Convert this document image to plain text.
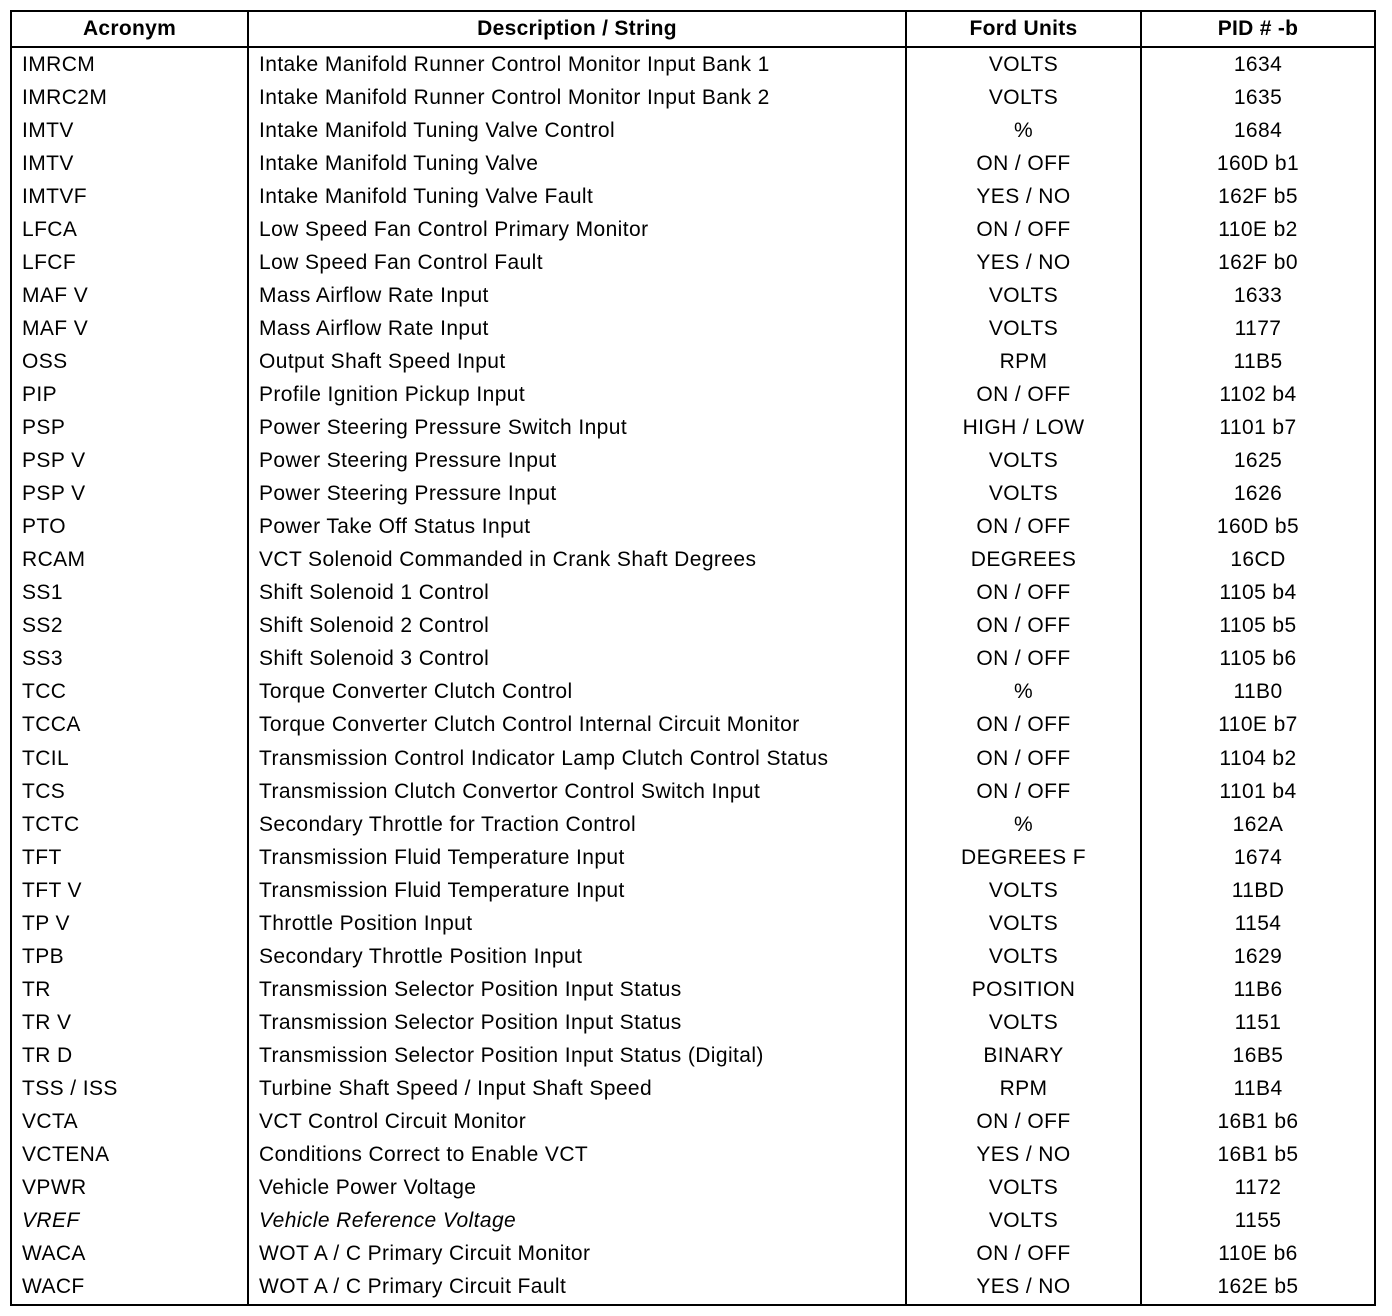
Acronym	Description / String	Ford Units	PID # -b
IMRCM	Intake Manifold Runner Control Monitor Input Bank 1	VOLTS	1634
IMRC2M	Intake Manifold Runner Control Monitor Input Bank 2	VOLTS	1635
IMTV	Intake Manifold Tuning Valve Control	%	1684
IMTV	Intake Manifold Tuning Valve	ON / OFF	160D b1
IMTVF	Intake Manifold Tuning Valve Fault	YES / NO	162F b5
LFCA	Low Speed Fan Control Primary Monitor	ON / OFF	110E b2
LFCF	Low Speed Fan Control Fault	YES / NO	162F b0
MAF V	Mass Airflow Rate Input	VOLTS	1633
MAF V	Mass Airflow Rate Input	VOLTS	1177
OSS	Output Shaft Speed Input	RPM	11B5
PIP	Profile Ignition Pickup Input	ON / OFF	1102 b4
PSP	Power Steering Pressure Switch Input	HIGH / LOW	1101 b7
PSP V	Power Steering Pressure Input	VOLTS	1625
PSP V	Power Steering Pressure Input	VOLTS	1626
PTO	Power Take Off Status Input	ON / OFF	160D b5
RCAM	VCT Solenoid Commanded in Crank Shaft Degrees	DEGREES	16CD
SS1	Shift Solenoid 1 Control	ON / OFF	1105 b4
SS2	Shift Solenoid 2 Control	ON / OFF	1105 b5
SS3	Shift Solenoid 3 Control	ON / OFF	1105 b6
TCC	Torque Converter Clutch Control	%	11B0
TCCA	Torque Converter Clutch Control Internal Circuit Monitor	ON / OFF	110E b7
TCIL	Transmission Control Indicator Lamp Clutch Control Status	ON / OFF	1104 b2
TCS	Transmission Clutch Convertor Control Switch Input	ON / OFF	1101 b4
TCTC	Secondary Throttle for Traction Control	%	162A
TFT	Transmission Fluid Temperature Input	DEGREES F	1674
TFT V	Transmission Fluid Temperature Input	VOLTS	11BD
TP V	Throttle Position Input	VOLTS	1154
TPB	Secondary Throttle Position Input	VOLTS	1629
TR	Transmission Selector Position Input Status	POSITION	11B6
TR V	Transmission Selector Position Input Status	VOLTS	1151
TR D	Transmission Selector Position Input Status (Digital)	BINARY	16B5
TSS / ISS	Turbine Shaft Speed / Input Shaft Speed	RPM	11B4
VCTA	VCT Control Circuit Monitor	ON / OFF	16B1 b6
VCTENA	Conditions Correct to Enable VCT	YES / NO	16B1 b5
VPWR	Vehicle Power Voltage	VOLTS	1172
VREF	Vehicle Reference Voltage	VOLTS	1155
WACA	WOT A / C Primary Circuit Monitor	ON / OFF	110E b6
WACF	WOT A / C Primary Circuit Fault	YES / NO	162E b5
